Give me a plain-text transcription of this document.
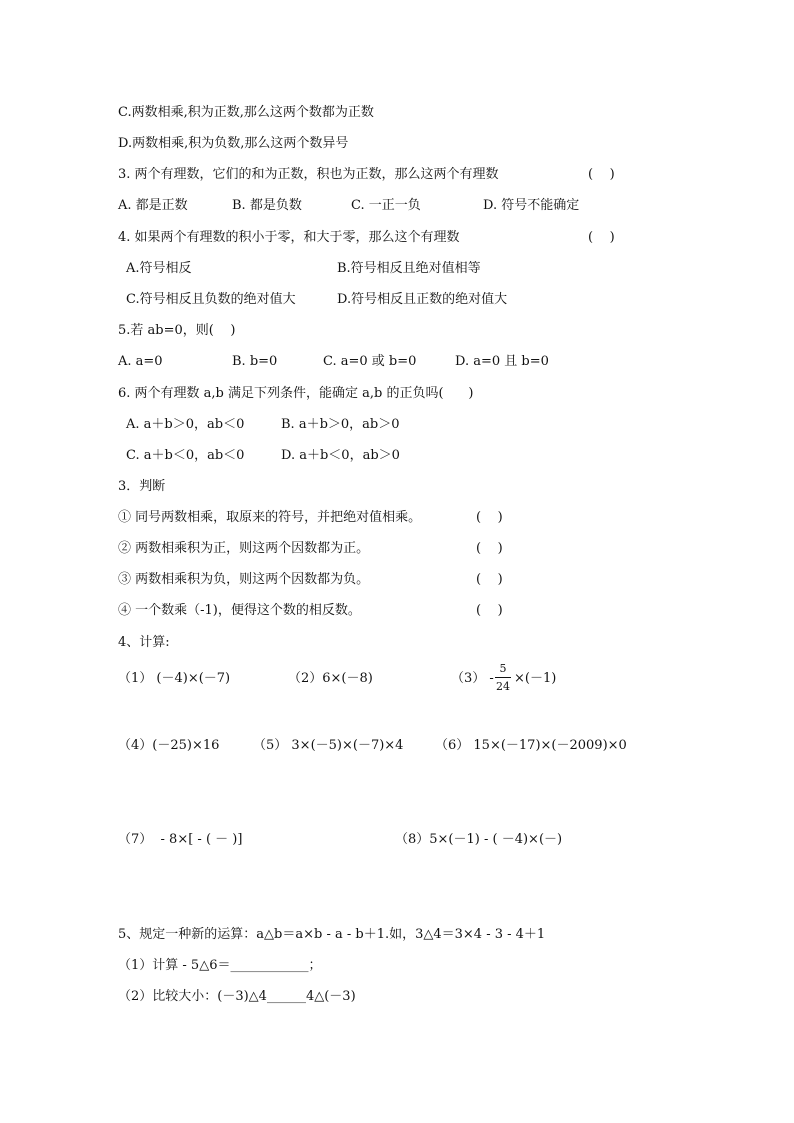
C.两数相乘,积为正数,那么这两个数都为正数
D.两数相乘,积为负数,那么这两个数异号
3. 两个有理数，它们的和为正数，积也为正数，那么这两个有理数	(    )
A. 都是正数	B. 都是负数	C. 一正一负	D. 符号不能确定
4. 如果两个有理数的积小于零，和大于零，那么这个有理数	(    )
A.符号相反	B.符号相反且绝对值相等
C.符号相反且负数的绝对值大	D.符号相反且正数的绝对值大
5.若 ab=0，则(    )
A. a=0	B. b=0	C. a=0 或 b=0	D. a=0 且 b=0
6. 两个有理数 a,b 满足下列条件，能确定 a,b 的正负吗(      )
A. a＋b＞0，ab＜0	B. a＋b＞0，ab＞0
C. a＋b＜0，ab＜0	D. a＋b＜0，ab＞0
3．判断
① 同号两数相乘，取原来的符号，并把绝对值相乘。	(    )
② 两数相乘积为正，则这两个因数都为正。	(    )
③ 两数相乘积为负，则这两个因数都为负。	(    )
④ 一个数乘（-1)，便得这个数的相反数。	(    )
4、计算:
（1） (－4)×(－7)	（2）6×(－8)	（3） -
5
24
×(－1)
（4）(－25)×16	（5） 3×(－5)×(－7)×4 （6） 15×(－17)×(－2009)×0
（7）  - 8×[ - ( － )]	（8）5×(－1) - ( －4)×(－)
5、规定一种新的运算：a△b＝a×b - a - b＋1.如，3△4＝3×4 - 3 - 4＋1
（1）计算 - 5△6＝____________；
（2）比较大小：(－3)△4______4△(－3)
